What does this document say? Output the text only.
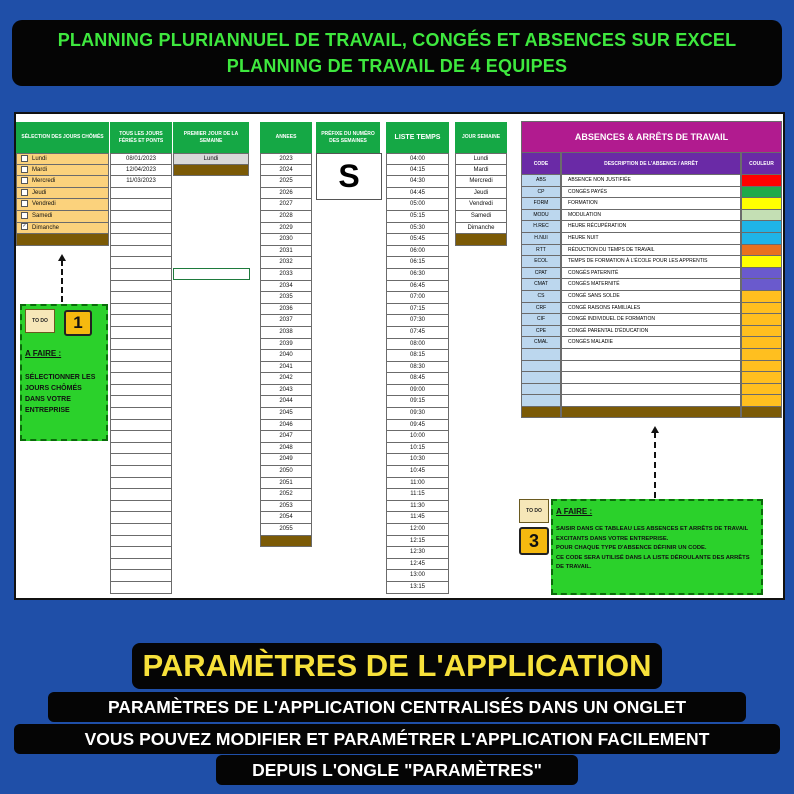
PLANNING PLURIANNUEL DE TRAVAIL, CONGÉS ET ABSENCES SUR EXCEL
PLANNING DE TRAVAIL DE 4 EQUIPES
SÉLECTION DES JOURS CHÔMÉS
TOUS LES JOURS FÉRIÉS ET PONTS
PREMIER JOUR DE LA SEMAINE
ANNEES
PRÉFIXE DU NUMÉRO DES SEMAINES	LISTE TEMPS	JOUR SEMAINE
Lundi
Mardi
Mercredi
Jeudi
Vendredi
Samedi
✓ Dimanche
08/01/2023
12/04/2023
11/03/2023
Lundi	2023
2024
2025
2026
2027
2028
2029
2030
2031
2032
2033
2034
2035
2036
2037
2038
2039
2040
2041
2042
2043
2044
2045
2046
2047
2048
2049
2050
2051
2052
2053
2054
2055
S	04:00
04:15
04:30
04:45
05:00
05:15
05:30
05:45
06:00
06:15
06:30
06:45
07:00
07:15
07:30
07:45
08:00
08:15
08:30
08:45
09:00
09:15
09:30
09:45
10:00
10:15
10:30
10:45
11:00
11:15
11:30
11:45
12:00
12:15
12:30
12:45
13:00
13:15
Lundi
Mardi
Mercredi
Jeudi
Vendredi
Samedi
Dimanche
ABSENCES & ARRÊTS DE TRAVAIL
CODE	DESCRIPTION DE L'ABSENCE / ARRÊT	COULEUR
ABS	ABSENCE NON JUSTIFIÉE
CP	CONGÉS PAYÉS
FORM	FORMATION
MODU	MODULATION
H.REC	HEURE RÉCUPÉRATION
H.NUI	HEURE NUIT
RTT	RÉDUCTION DU TEMPS DE TRAVAIL
ECOL	TEMPS DE FORMATION À L'ÉCOLE POUR LES APPRENTIS
CPAT	CONGÉS PATERNITÉ
CMAT	CONGÉS MATERNITÉ
CS	CONGÉ SANS SOLDE
CRF	CONGÉ RAISONS FAMILIALES
CIF	CONGÉ INDIVIDUEL DE FORMATION
CPE	CONGÉ PARENTAL D'ÉDUCATION
CMAL	CONGÉS MALADIE
TO DO	1
A FAIRE :
SÉLECTIONNER LES JOURS CHÔMÉS DANS VOTRE ENTREPRISE
TO DO
3
A FAIRE :
SAISIR DANS CE TABLEAU LES ABSENCES ET ARRÊTS DE TRAVAIL EXCITANTS DANS VOTRE ENTREPRISE.
POUR CHAQUE TYPE D'ABSENCE DÉFINIR UN CODE.
CE CODE SERA UTILISÉ DANS LA LISTE DÉROULANTE DES ARRÊTS DE TRAVAIL.
PARAMÈTRES DE L'APPLICATION
PARAMÈTRES DE L'APPLICATION CENTRALISÉS DANS UN ONGLET
VOUS POUVEZ MODIFIER ET PARAMÉTRER L'APPLICATION FACILEMENT
DEPUIS L'ONGLE "PARAMÈTRES"
